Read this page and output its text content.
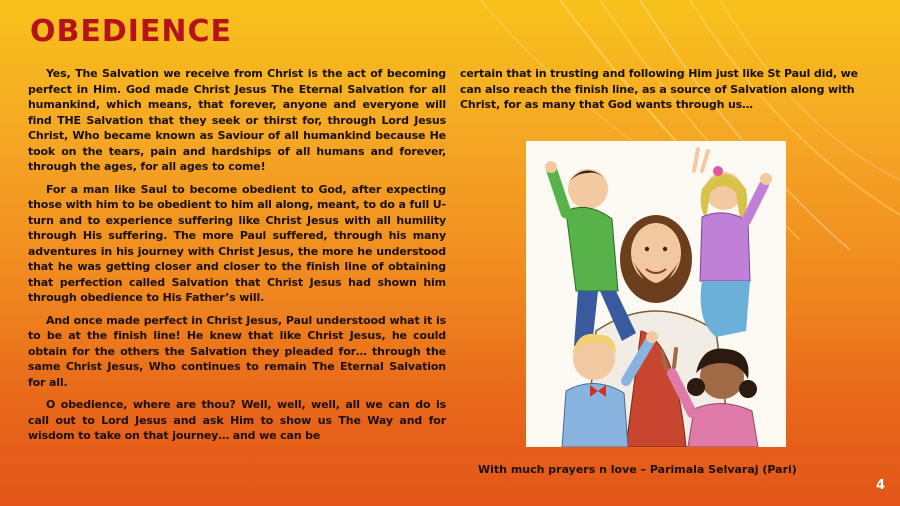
OBEDIENCE

Yes, The Salvation we receive from Christ is the act of becoming perfect in Him. God made Christ Jesus The Eternal Salvation for all humankind, which means, that forever, anyone and everyone will find THE Salvation that they seek or thirst for, through Lord Jesus Christ, Who became known as Saviour of all humankind because He took on the tears, pain and hardships of all humans and forever, through the ages, for all ages to come!

For a man like Saul to become obedient to God, after expecting those with him to be obedient to him all along, meant, to do a full U-turn and to experience suffering like Christ Jesus with all humility through His suffering. The more Paul suffered, through his many adventures in his journey with Christ Jesus, the more he understood that he was getting closer and closer to the finish line of obtaining that perfection called Salvation that Christ Jesus had shown him through obedience to His Father’s will.

And once made perfect in Christ Jesus, Paul understood what it is to be at the finish line! He knew that like Christ Jesus, he could obtain for the others the Salvation they pleaded for… through the same Christ Jesus, Who continues to remain The Eternal Salvation for all.

O obedience, where are thou? Well, well, well, all we can do is call out to Lord Jesus and ask Him to show us The Way and for wisdom to take on that journey… and we can be

certain that in trusting and following Him just like St Paul did, we can also reach the finish line, as a source of Salvation along with Christ, for as many that God wants through us…

With much prayers n love – Parimala Selvaraj (Pari)

4
